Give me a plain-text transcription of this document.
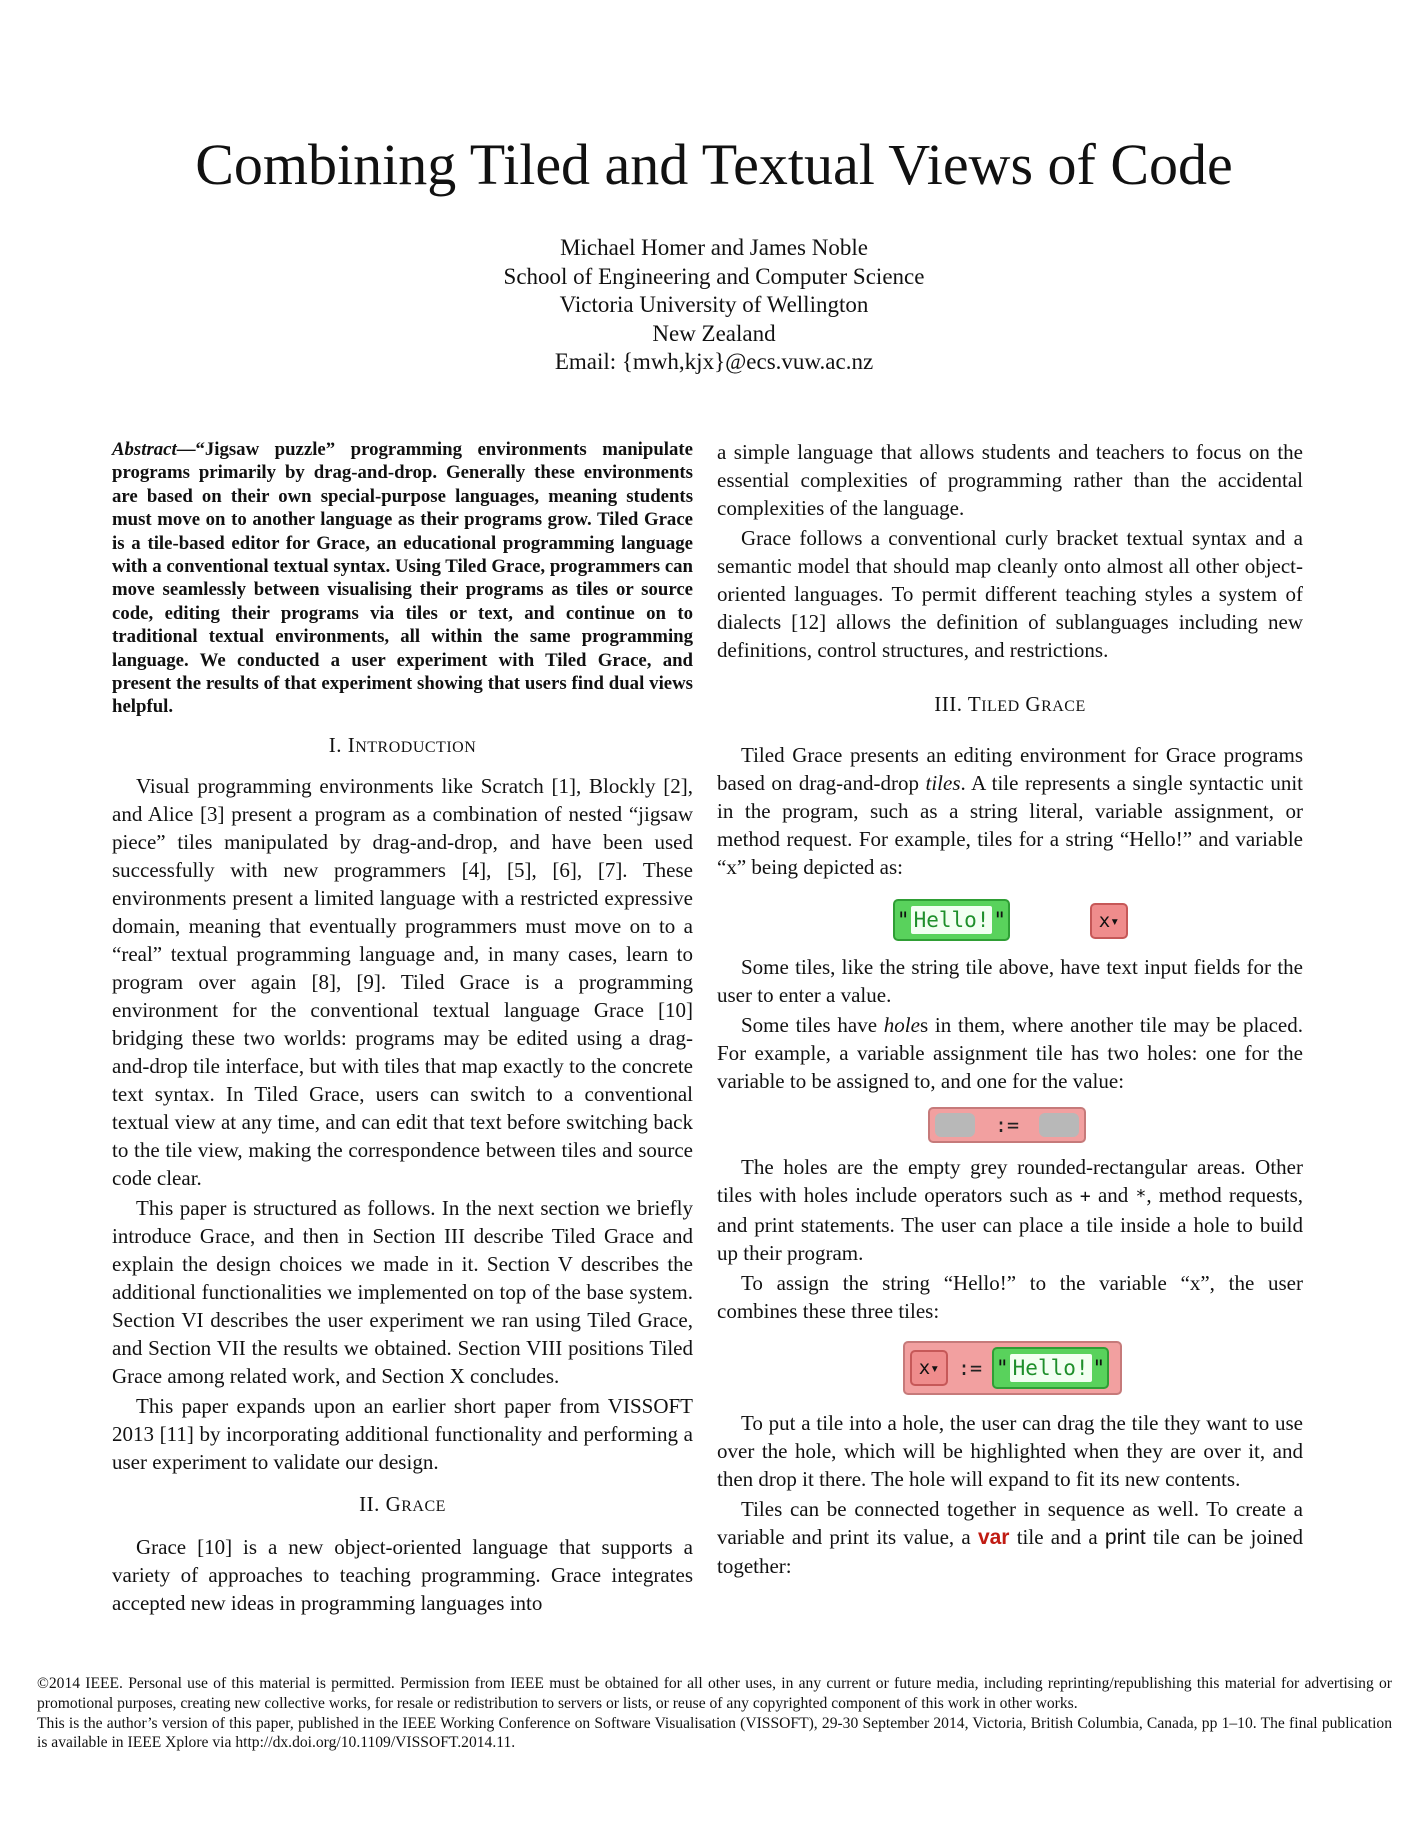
Combining Tiled and Textual Views of Code
Michael Homer and James Noble
School of Engineering and Computer Science
Victoria University of Wellington
New Zealand
Email: {mwh,kjx}@ecs.vuw.ac.nz
Abstract—“Jigsaw puzzle” programming environments manipulate programs primarily by drag-and-drop. Generally these environments are based on their own special-purpose languages, meaning students must move on to another language as their programs grow. Tiled Grace is a tile-based editor for Grace, an educational programming language with a conventional textual syntax. Using Tiled Grace, programmers can move seamlessly between visualising their programs as tiles or source code, editing their programs via tiles or text, and continue on to traditional textual environments, all within the same programming language. We conducted a user experiment with Tiled Grace, and present the results of that experiment showing that users find dual views helpful.
I. INTRODUCTION

Visual programming environments like Scratch [1], Blockly [2], and Alice [3] present a program as a combination of nested “jigsaw piece” tiles manipulated by drag-and-drop, and have been used successfully with new programmers [4], [5], [6], [7]. These environments present a limited language with a restricted expressive domain, meaning that eventually programmers must move on to a “real” textual programming language and, in many cases, learn to program over again [8], [9]. Tiled Grace is a programming environment for the conventional textual language Grace [10] bridging these two worlds: programs may be edited using a drag-and-drop tile interface, but with tiles that map exactly to the concrete text syntax. In Tiled Grace, users can switch to a conventional textual view at any time, and can edit that text before switching back to the tile view, making the correspondence between tiles and source code clear.

This paper is structured as follows. In the next section we briefly introduce Grace, and then in Section III describe Tiled Grace and explain the design choices we made in it. Section V describes the additional functionalities we implemented on top of the base system. Section VI describes the user experiment we ran using Tiled Grace, and Section VII the results we obtained. Section VIII positions Tiled Grace among related work, and Section X concludes.

This paper expands upon an earlier short paper from VISSOFT 2013 [11] by incorporating additional functionality and performing a user experiment to validate our design.

II. GRACE

Grace [10] is a new object-oriented language that supports a variety of approaches to teaching programming. Grace integrates accepted new ideas in programming languages into

a simple language that allows students and teachers to focus on the essential complexities of programming rather than the accidental complexities of the language.

Grace follows a conventional curly bracket textual syntax and a semantic model that should map cleanly onto almost all other object-oriented languages. To permit different teaching styles a system of dialects [12] allows the definition of sublanguages including new definitions, control structures, and restrictions.

III. TILED GRACE

Tiled Grace presents an editing environment for Grace programs based on drag-and-drop tiles. A tile represents a single syntactic unit in the program, such as a string literal, variable assignment, or method request. For example, tiles for a string “Hello!” and variable “x” being depicted as:

" Hello! "	x ▾

Some tiles, like the string tile above, have text input fields for the user to enter a value.

Some tiles have holes in them, where another tile may be placed. For example, a variable assignment tile has two holes: one for the variable to be assigned to, and one for the value:

:=

The holes are the empty grey rounded-rectangular areas. Other tiles with holes include operators such as + and *, method requests, and print statements. The user can place a tile inside a hole to build up their program.

To assign the string “Hello!” to the variable “x”, the user combines these three tiles:

x ▾ := " Hello! "

To put a tile into a hole, the user can drag the tile they want to use over the hole, which will be highlighted when they are over it, and then drop it there. The hole will expand to fit its new contents.

Tiles can be connected together in sequence as well. To create a variable and print its value, a var tile and a print tile can be joined together:

©2014 IEEE. Personal use of this material is permitted. Permission from IEEE must be obtained for all other uses, in any current or future media, including reprinting/republishing this material for advertising or promotional purposes, creating new collective works, for resale or redistribution to servers or lists, or reuse of any copyrighted component of this work in other works.
This is the author’s version of this paper, published in the IEEE Working Conference on Software Visualisation (VISSOFT), 29-30 September 2014, Victoria, British Columbia, Canada, pp 1–10. The final publication is available in IEEE Xplore via http://dx.doi.org/10.1109/VISSOFT.2014.11.
